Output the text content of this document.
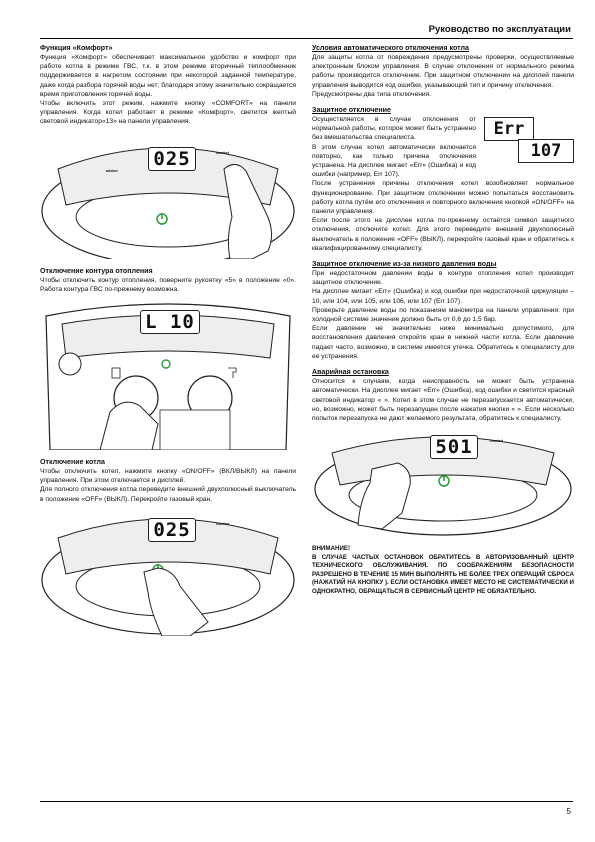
Руководство по эксплуатации
Функция «Комфорт»

Функция «Комфорт» обеспечивает максимальное удобство и комфорт при работе котла в режиме ГВС, т.к. в этом режиме вторичный теплообменник поддерживается в нагретом состоянии при некоторой заданной температуре, даже когда разбора горячей воды нет; благодаря этому значительно сокращается время приготовления горячей воды.

Чтобы включить этот режим, нажмите кнопку «COMFORT» на панели управления. Когда котел работает в режиме «Комфорт», светится желтый световой индикатор«13» на панели управления.

025
ariston
comfort
Отключение контура отопления

Чтобы отключить контур отопления, поверните рукоятку «5» в положение «0». Работа контура ГВС по-прежнему возможна.

L 10
Отключение котла

Чтобы отключить котел, нажмите кнопку «ON/OFF» (ВКЛ/ВЫКЛ) на панели управления. При этом отключается и дисплей.

Для полного отключения котла переведите внешний двухполюсный выключатель в положение «OFF» (ВЫКЛ). Перекройте газовый кран.

025	comfort
Условия автоматического отключения котла

Для защиты котла от повреждения предусмотрены проверки, осуществляемые электронным блоком управления. В случае отклонения от нормального режима работы производится отключение. При защитном отключении на дисплей панели управления выводится код ошибки, указывающий тип и причину отключения.

Предусмотрены два типа отключения.

Защитное отключение
Err
107

Осуществляется в случае отклонения от нормальной работы, которое может быть устранено без вмешательства специалиста.

В этом случае котел автоматически включается повторно, как только причина отключения устранена. На дисплее мигает «Err» (Ошибка) и код ошибки (например, Err 107).

После устранения причины отключения котел возобновляет нормальное функционирование. При защитном отключении можно попытаться восстановить работу котла путём его отключения и повторного включения кнопкой «ON/OFF» на панели управления.

Если после этого на дисплее котла по-прежнему остаётся символ защитного отключения, отключите котел. Для этого переведите внешний двухполюсный выключатель в положение «OFF» (ВЫКЛ), перекройте газовый кран и обратитесь к квалифицированному специалисту.

Защитное отключение из-за низкого давления воды

При недостаточном давлении воды в контуре отопления котел производит защитное отключение.

На дисплее мигает «Err» (Ошибка) и код ошибки при недостаточной циркуляции – 10, или 104, или 105, или 106, или 107 (Err 107).

Проверьте давление воды по показаниям манометра на панели управления: при холодной системе значение должно быть от 0,6 до 1,5 бар.

Если давление не значительно ниже минимально допустимого, для восстановления давления откройте кран в нижней части котла. Если давление падает часто, возможно, в системе имеется утечка. Обратитесь к специалисту для ее устранения.

Аварийная остановка

Относится к случаям, когда неисправность не может быть устранена автоматически. На дисплее мигает «Err» (Ошибка), код ошибки и светится красный световой индикатор « ». Котел в этом случае не перезапускается автоматически, но, возможно, может быть перезапущен после нажатия кнопки « ». Если несколько попыток перезапуска не дают желаемого результата, обратитесь к специалисту.

501	comfort
ВНИМАНИЕ!

В СЛУЧАЕ ЧАСТЫХ ОСТАНОВОК ОБРАТИТЕСЬ В АВТОРИЗОВАННЫЙ ЦЕНТР ТЕХНИЧЕСКОГО ОБСЛУЖИВАНИЯ. ПО СООБРАЖЕНИЯМ БЕЗОПАСНОСТИ РАЗРЕШЕНО В ТЕЧЕНИЕ 15 МИН ВЫПОЛНЯТЬ НЕ БОЛЕЕ ТРЕХ ОПЕРАЦИЙ СБРОСА (НАЖАТИЙ НА КНОПКУ ). ЕСЛИ ОСТАНОВКА ИМЕЕТ МЕСТО НЕ СИСТЕМАТИЧЕСКИ И ОДНОКРАТНО, ОБРАЩАТЬСЯ В СЕРВИСНЫЙ ЦЕНТР НЕ ОБЯЗАТЕЛЬНО.

5
